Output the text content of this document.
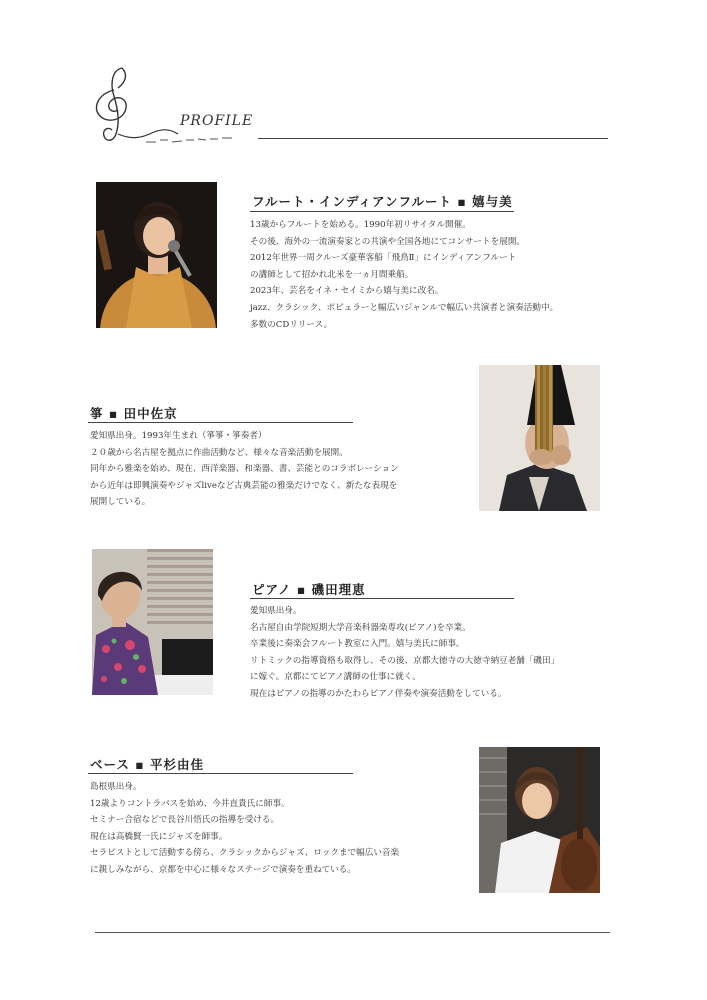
PROFILE
フルート・インディアンフルート ▪ 嬉与美
13歳からフルートを始める。1990年初リサイタル開催。
その後、海外の一流演奏家との共演や全国各地にてコンサートを展開。
2012年世界一周クルーズ豪華客船「飛鳥Ⅱ」にインディアンフルート
の講師として招かれ北米を一ヵ月間乗船。
2023年、芸名をイネ・セイミから嬉与美に改名。
jazz、クラシック、ポピュラーと幅広いジャンルで幅広い共演者と演奏活動中。
多数のCDリリース。
箏 ▪ 田中佐京
愛知県出身。1993年生まれ（箏箏・箏奏者）
２０歳から名古屋を拠点に作曲活動など、様々な音楽活動を展開。
同年から雅楽を始め、現在、西洋楽器、和楽器、書、芸能とのコラボレーション
から近年は即興演奏やジャズliveなど古典芸能の雅楽だけでなく、新たな表現を
展開している。
ピアノ ▪ 磯田理恵
愛知県出身。
名古屋自由学院短期大学音楽科器楽専攻(ピアノ)を卒業。
卒業後に奏楽会フルート教室に入門。嬉与美氏に師事。
リトミックの指導資格も取得し、その後、京都大徳寺の大徳寺納豆老舗「磯田」
に嫁ぐ。京都にてピアノ講師の仕事に就く。
現在はピアノの指導のかたわらピアノ伴奏や演奏活動をしている。
ベース ▪ 平杉由佳
島根県出身。
12歳よりコントラバスを始め、今井直貴氏に師事。
セミナー合宿などで長谷川悟氏の指導を受ける。
現在は高橋賢一氏にジャズを師事。
セラピストとして活動する傍ら、クラシックからジャズ、ロックまで幅広い音楽
に親しみながら、京都を中心に様々なステージで演奏を重ねている。
